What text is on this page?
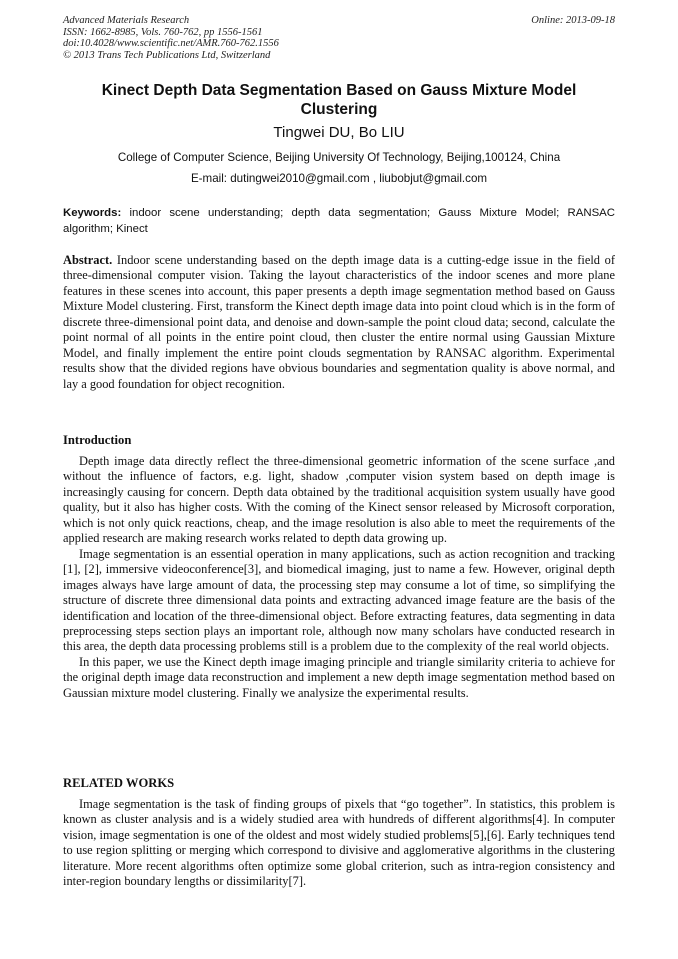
Advanced Materials Research
ISSN: 1662-8985, Vols. 760-762, pp 1556-1561
doi:10.4028/www.scientific.net/AMR.760-762.1556
© 2013 Trans Tech Publications Ltd, Switzerland
Online: 2013-09-18
Kinect Depth Data Segmentation Based on Gauss Mixture Model Clustering
Tingwei DU, Bo LIU
College of Computer Science, Beijing University Of Technology, Beijing,100124, China
E-mail: dutingwei2010@gmail.com , liubobjut@gmail.com
Keywords: indoor scene understanding; depth data segmentation; Gauss Mixture Model; RANSAC algorithm; Kinect
Abstract. Indoor scene understanding based on the depth image data is a cutting-edge issue in the field of three-dimensional computer vision. Taking the layout characteristics of the indoor scenes and more plane features in these scenes into account, this paper presents a depth image segmentation method based on Gauss Mixture Model clustering. First, transform the Kinect depth image data into point cloud which is in the form of discrete three-dimensional point data, and denoise and down-sample the point cloud data; second, calculate the point normal of all points in the entire point cloud, then cluster the entire normal using Gaussian Mixture Model, and finally implement the entire point clouds segmentation by RANSAC algorithm. Experimental results show that the divided regions have obvious boundaries and segmentation quality is above normal, and lay a good foundation for object recognition.
Introduction

Depth image data directly reflect the three-dimensional geometric information of the scene surface ,and without the influence of factors, e.g. light, shadow ,computer vision system based on depth image is increasingly causing for concern. Depth data obtained by the traditional acquisition system usually have good quality, but it also has higher costs. With the coming of the Kinect sensor released by Microsoft corporation, which is not only quick reactions, cheap, and the image resolution is also able to meet the requirements of the applied research are making research works related to depth data growing up.

Image segmentation is an essential operation in many applications, such as action recognition and tracking [1], [2], immersive videoconference[3], and biomedical imaging, just to name a few. However, original depth images always have large amount of data, the processing step may consume a lot of time, so simplifying the structure of discrete three dimensional data points and extracting advanced image feature are the basis of the identification and location of the three-dimensional object. Before extracting features, data segmenting in data preprocessing steps section plays an important role, although now many scholars have conducted research in this area, the depth data processing problems still is a problem due to the complexity of the real world objects.

In this paper, we use the Kinect depth image imaging principle and triangle similarity criteria to achieve for the original depth image data reconstruction and implement a new depth image segmentation method based on Gaussian mixture model clustering. Finally we analysize the experimental results.

RELATED WORKS

Image segmentation is the task of finding groups of pixels that “go together”. In statistics, this problem is known as cluster analysis and is a widely studied area with hundreds of different algorithms[4]. In computer vision, image segmentation is one of the oldest and most widely studied problems[5],[6]. Early techniques tend to use region splitting or merging which correspond to divisive and agglomerative algorithms in the clustering literature. More recent algorithms often optimize some global criterion, such as intra-region consistency and inter-region boundary lengths or dissimilarity[7].
